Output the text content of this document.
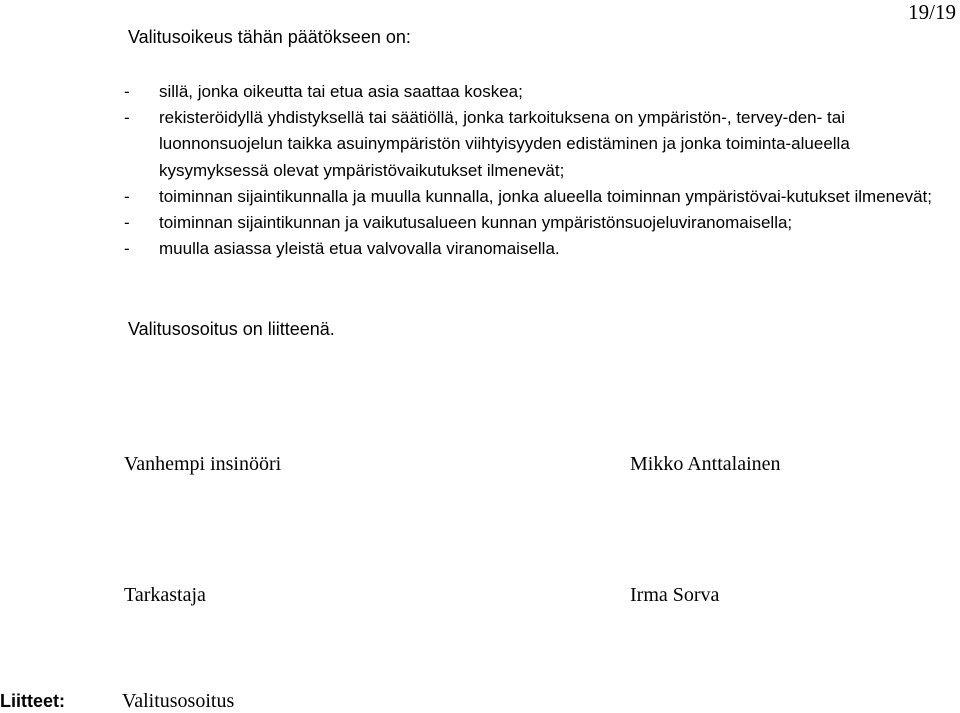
19/19
Valitusoikeus tähän päätökseen on:
- sillä, jonka oikeutta tai etua asia saattaa koskea;
- rekisteröidyllä yhdistyksellä tai säätiöllä, jonka tarkoituksena on ympäristön-, tervey-den- tai luonnonsuojelun taikka asuinympäristön viihtyisyyden edistäminen ja jonka toiminta-alueella kysymyksessä olevat ympäristövaikutukset ilmenevät;
- toiminnan sijaintikunnalla ja muulla kunnalla, jonka alueella toiminnan ympäristövai-kutukset ilmenevät;
- toiminnan sijaintikunnan ja vaikutusalueen kunnan ympäristönsuojeluviranomaisella;
- muulla asiassa yleistä etua valvovalla viranomaisella.
Valitusosoitus on liitteenä.
Vanhempi insinööri	Mikko Anttalainen
Tarkastaja	Irma Sorva
Liitteet:	Valitusosoitus
